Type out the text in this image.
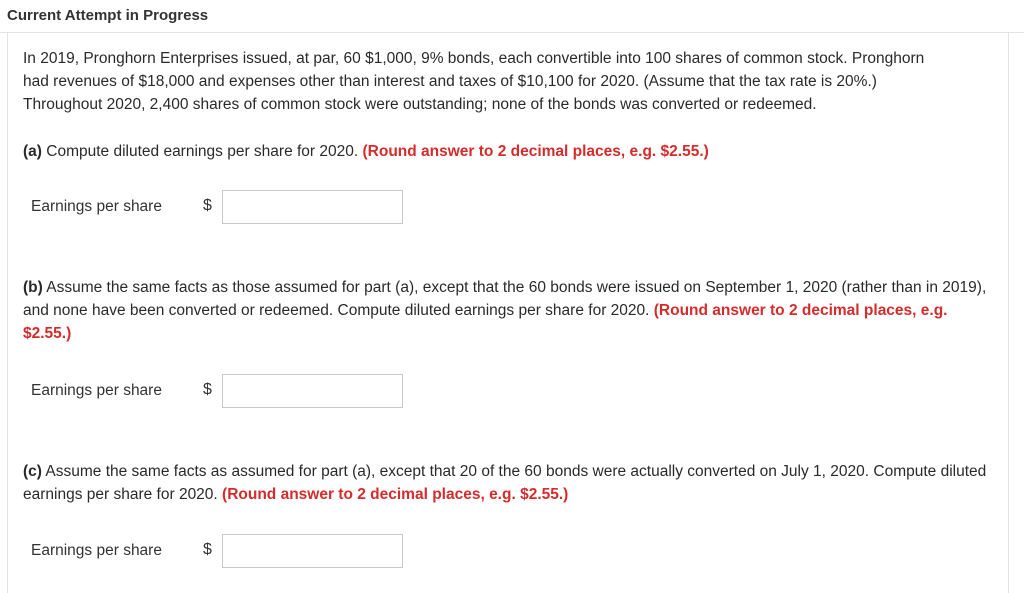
Current Attempt in Progress
In 2019, Pronghorn Enterprises issued, at par, 60 $1,000, 9% bonds, each convertible into 100 shares of common stock. Pronghorn
had revenues of $18,000 and expenses other than interest and taxes of $10,100 for 2020. (Assume that the tax rate is 20%.)
Throughout 2020, 2,400 shares of common stock were outstanding; none of the bonds was converted or redeemed.
(a) Compute diluted earnings per share for 2020. (Round answer to 2 decimal places, e.g. $2.55.)
Earnings per share	$
(b) Assume the same facts as those assumed for part (a), except that the 60 bonds were issued on September 1, 2020 (rather than in 2019), and none have been converted or redeemed. Compute diluted earnings per share for 2020. (Round answer to 2 decimal places, e.g. $2.55.)
Earnings per share	$
(c) Assume the same facts as assumed for part (a), except that 20 of the 60 bonds were actually converted on July 1, 2020. Compute diluted earnings per share for 2020. (Round answer to 2 decimal places, e.g. $2.55.)
Earnings per share	$
